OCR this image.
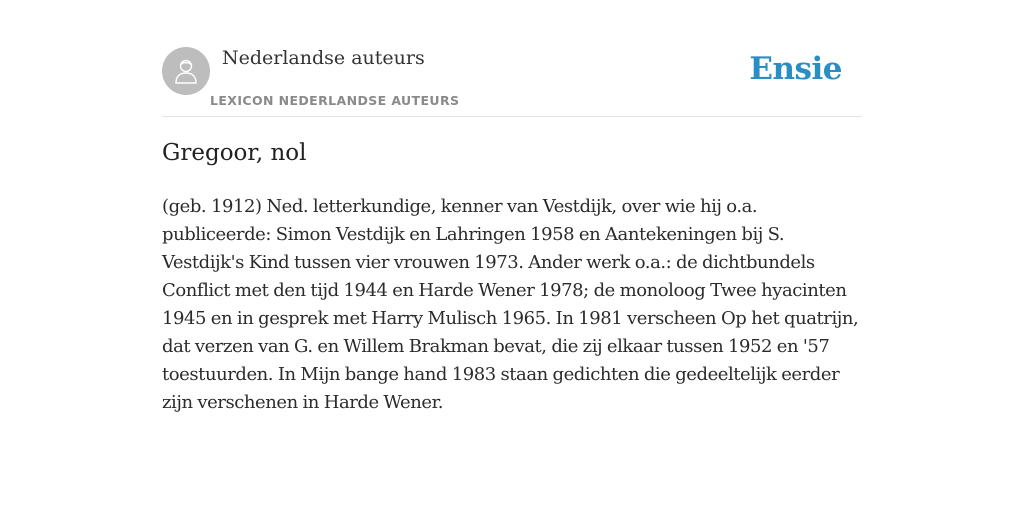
Nederlandse auteurs
LEXICON NEDERLANDSE AUTEURS
Ensie
Gregoor, nol

(geb. 1912) Ned. letterkundige, kenner van Vestdijk, over wie hij o.a. publiceerde: Simon Vestdijk en Lahringen 1958 en Aantekeningen bij S. Vestdijk's Kind tussen vier vrouwen 1973. Ander werk o.a.: de dichtbundels Conflict met den tijd 1944 en Harde Wener 1978; de monoloog Twee hyacinten 1945 en in gesprek met Harry Mulisch 1965. In 1981 verscheen Op het quatrijn, dat verzen van G. en Willem Brakman bevat, die zij elkaar tussen 1952 en '57 toestuurden. In Mijn bange hand 1983 staan gedichten die gedeeltelijk eerder zijn verschenen in Harde Wener.
